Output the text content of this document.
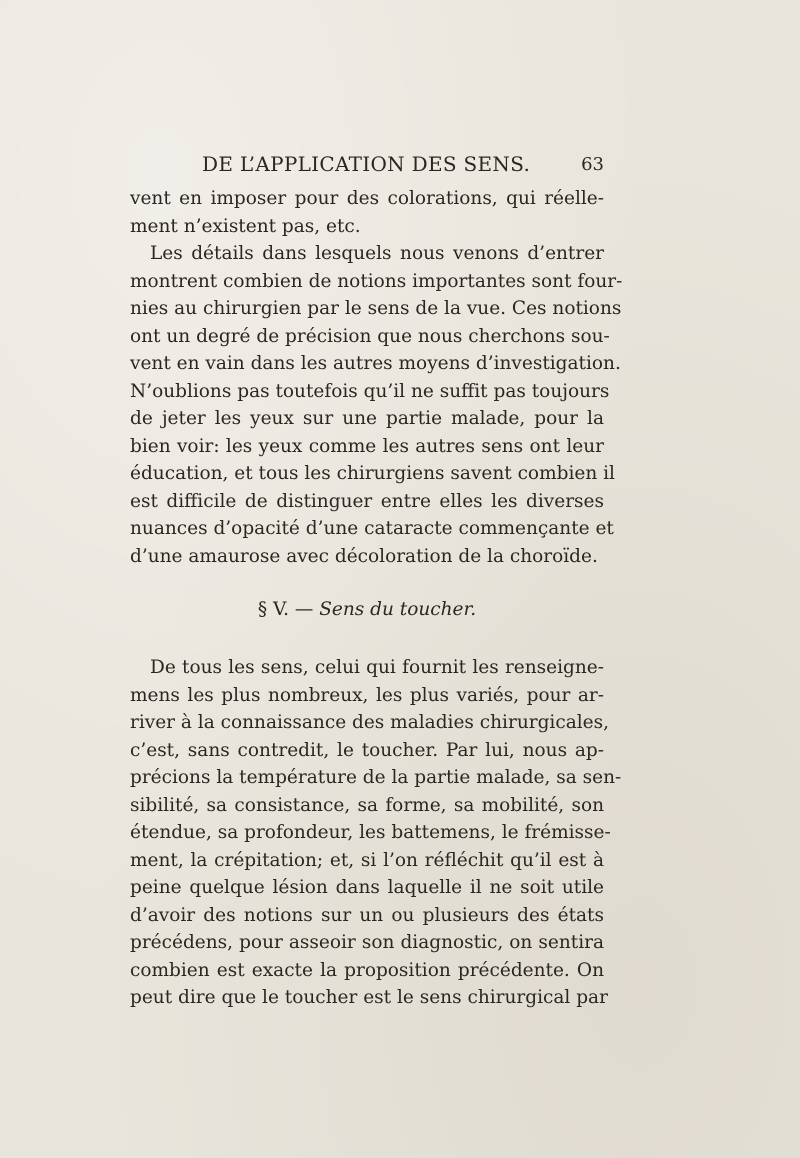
DE L’APPLICATION DES SENS.	63
vent en imposer pour des colorations, qui réelle-
ment n’existent pas, etc.
Les détails dans lesquels nous venons d’entrer
montrent combien de notions importantes sont four-
nies au chirurgien par le sens de la vue. Ces notions
ont un degré de précision que nous cherchons sou-
vent en vain dans les autres moyens d’investigation.
N’oublions pas toutefois qu’il ne suffit pas toujours
de jeter les yeux sur une partie malade, pour la
bien voir: les yeux comme les autres sens ont leur
éducation, et tous les chirurgiens savent combien il
est difficile de distinguer entre elles les diverses
nuances d’opacité d’une cataracte commençante et
d’une amaurose avec décoloration de la choroïde.
§ V. — Sens du toucher.
De tous les sens, celui qui fournit les renseigne-
mens les plus nombreux, les plus variés, pour ar-
river à la connaissance des maladies chirurgicales,
c’est, sans contredit, le toucher. Par lui, nous ap-
précions la température de la partie malade, sa sen-
sibilité, sa consistance, sa forme, sa mobilité, son
étendue, sa profondeur, les battemens, le frémisse-
ment, la crépitation; et, si l’on réfléchit qu’il est à
peine quelque lésion dans laquelle il ne soit utile
d’avoir des notions sur un ou plusieurs des états
précédens, pour asseoir son diagnostic, on sentira
combien est exacte la proposition précédente. On
peut dire que le toucher est le sens chirurgical par
